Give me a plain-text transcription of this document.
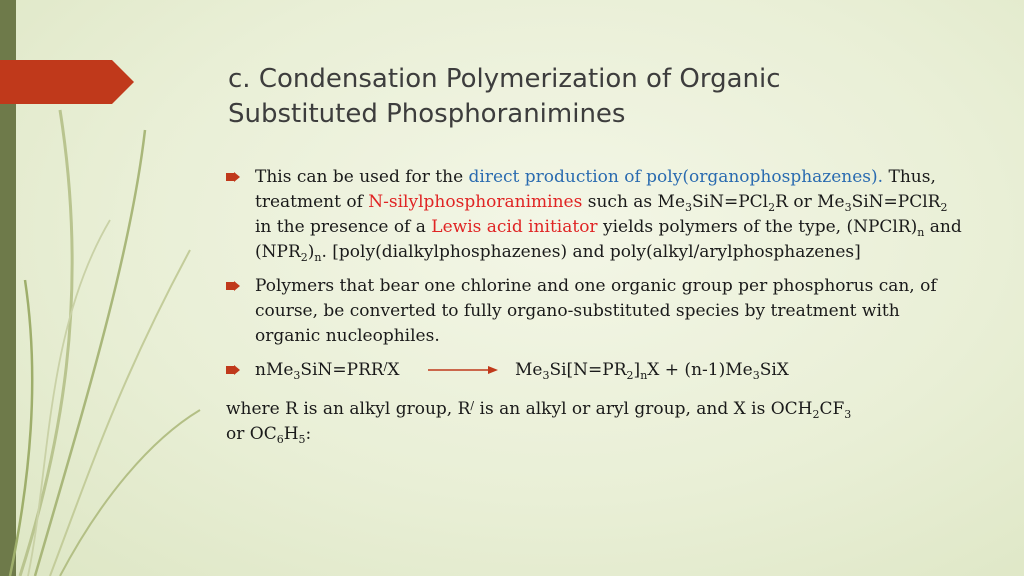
c. Condensation Polymerization of Organic
Substituted Phosphoranimines
This can be used for the direct production of poly(organophosphazenes). Thus, treatment of N-silylphosphoranimines such as $Me_3SiN=PCl_2R$ or $Me_3SiN=PClR_2$ in the presence of a Lewis acid initiator yields polymers of the type, $(NPClR)_n$ and $(NPR_2)_n$. [poly(dialkylphosphazenes) and poly(alkyl/arylphosphazenes]
Polymers that bear one chlorine and one organic group per phosphorus can, of course, be converted to fully organo-substituted species by treatment with organic nucleophiles.
nMe$_3$SiN=PRR/X	$Me_3Si[N=PR_2]_nX + (n-1)Me_3SiX$
where R is an alkyl group, R/ is an alkyl or aryl group, and X is $OCH_2CF_3$
or $OC_6H_5$:
